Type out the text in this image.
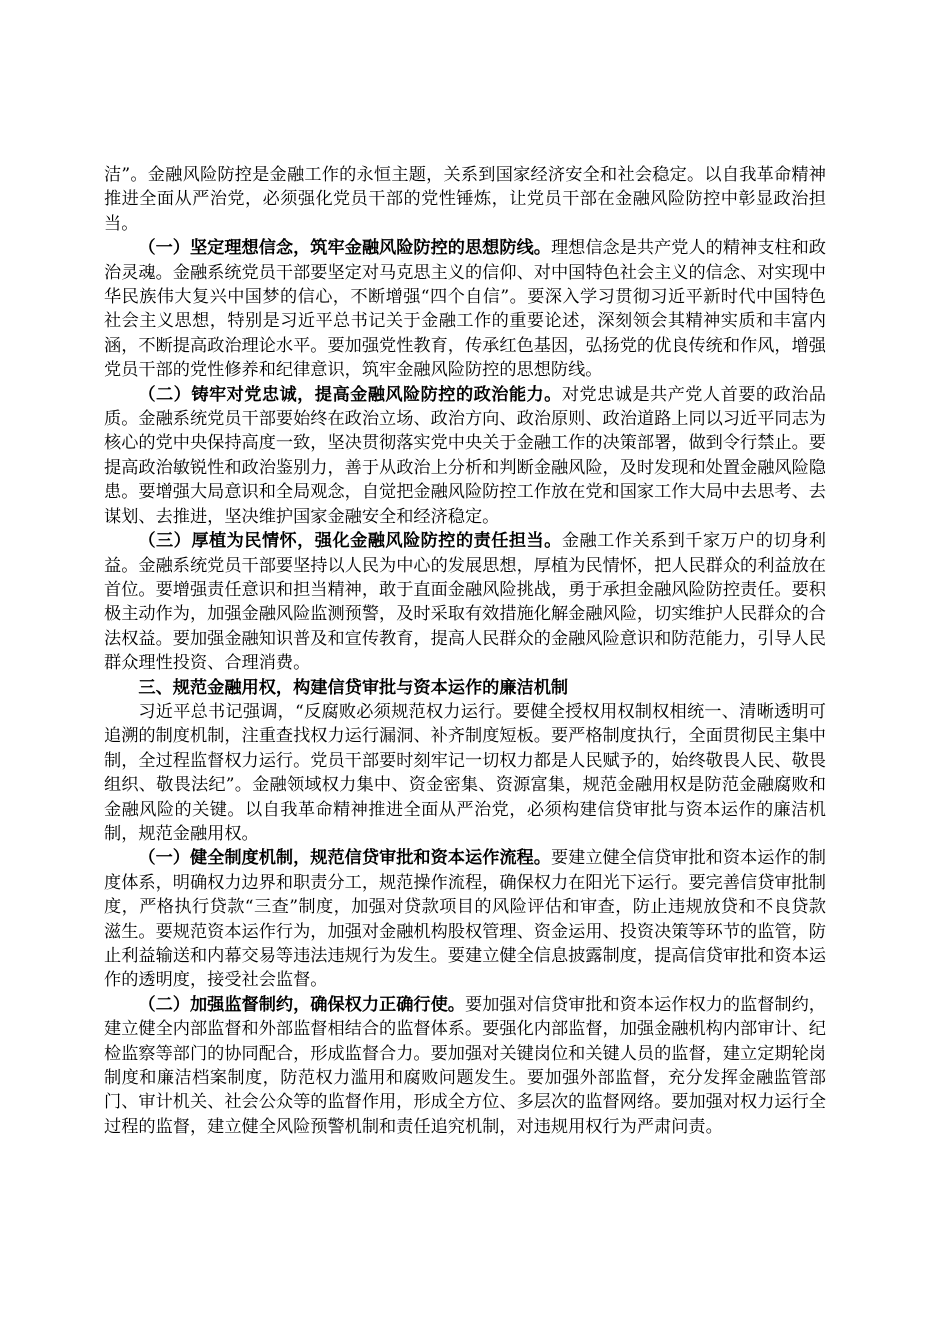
洁”。金融风险防控是金融工作的永恒主题，关系到国家经济安全和社会稳定。以自我革命精神推进全面从严治党，必须强化党员干部的党性锤炼，让党员干部在金融风险防控中彰显政治担当。

（一）坚定理想信念，筑牢金融风险防控的思想防线。理想信念是共产党人的精神支柱和政治灵魂。金融系统党员干部要坚定对马克思主义的信仰、对中国特色社会主义的信念、对实现中华民族伟大复兴中国梦的信心，不断增强“四个自信”。要深入学习贯彻习近平新时代中国特色社会主义思想，特别是习近平总书记关于金融工作的重要论述，深刻领会其精神实质和丰富内涵，不断提高政治理论水平。要加强党性教育，传承红色基因，弘扬党的优良传统和作风，增强党员干部的党性修养和纪律意识，筑牢金融风险防控的思想防线。

（二）铸牢对党忠诚，提高金融风险防控的政治能力。对党忠诚是共产党人首要的政治品质。金融系统党员干部要始终在政治立场、政治方向、政治原则、政治道路上同以习近平同志为核心的党中央保持高度一致，坚决贯彻落实党中央关于金融工作的决策部署，做到令行禁止。要提高政治敏锐性和政治鉴别力，善于从政治上分析和判断金融风险，及时发现和处置金融风险隐患。要增强大局意识和全局观念，自觉把金融风险防控工作放在党和国家工作大局中去思考、去谋划、去推进，坚决维护国家金融安全和经济稳定。

（三）厚植为民情怀，强化金融风险防控的责任担当。金融工作关系到千家万户的切身利益。金融系统党员干部要坚持以人民为中心的发展思想，厚植为民情怀，把人民群众的利益放在首位。要增强责任意识和担当精神，敢于直面金融风险挑战，勇于承担金融风险防控责任。要积极主动作为，加强金融风险监测预警，及时采取有效措施化解金融风险，切实维护人民群众的合法权益。要加强金融知识普及和宣传教育，提高人民群众的金融风险意识和防范能力，引导人民群众理性投资、合理消费。

三、规范金融用权，构建信贷审批与资本运作的廉洁机制

习近平总书记强调，“反腐败必须规范权力运行。要健全授权用权制权相统一、清晰透明可追溯的制度机制，注重查找权力运行漏洞、补齐制度短板。要严格制度执行，全面贯彻民主集中制，全过程监督权力运行。党员干部要时刻牢记一切权力都是人民赋予的，始终敬畏人民、敬畏组织、敬畏法纪”。金融领域权力集中、资金密集、资源富集，规范金融用权是防范金融腐败和金融风险的关键。以自我革命精神推进全面从严治党，必须构建信贷审批与资本运作的廉洁机制，规范金融用权。

（一）健全制度机制，规范信贷审批和资本运作流程。要建立健全信贷审批和资本运作的制度体系，明确权力边界和职责分工，规范操作流程，确保权力在阳光下运行。要完善信贷审批制度，严格执行贷款“三查”制度，加强对贷款项目的风险评估和审查，防止违规放贷和不良贷款滋生。要规范资本运作行为，加强对金融机构股权管理、资金运用、投资决策等环节的监管，防止利益输送和内幕交易等违法违规行为发生。要建立健全信息披露制度，提高信贷审批和资本运作的透明度，接受社会监督。

（二）加强监督制约，确保权力正确行使。要加强对信贷审批和资本运作权力的监督制约，建立健全内部监督和外部监督相结合的监督体系。要强化内部监督，加强金融机构内部审计、纪检监察等部门的协同配合，形成监督合力。要加强对关键岗位和关键人员的监督，建立定期轮岗制度和廉洁档案制度，防范权力滥用和腐败问题发生。要加强外部监督，充分发挥金融监管部门、审计机关、社会公众等的监督作用，形成全方位、多层次的监督网络。要加强对权力运行全过程的监督，建立健全风险预警机制和责任追究机制，对违规用权行为严肃问责。
